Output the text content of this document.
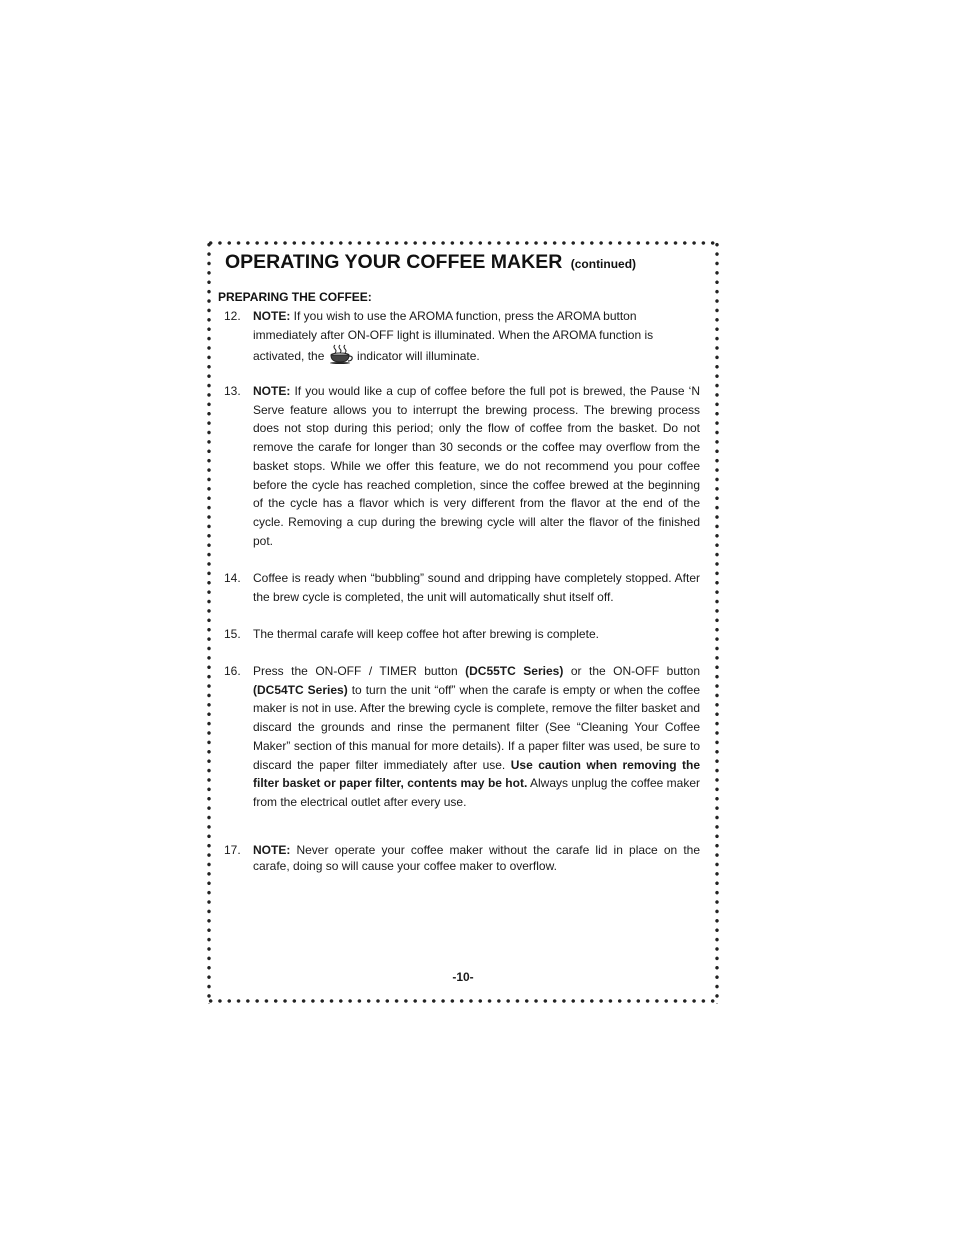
OPERATING YOUR COFFEE MAKER (continued)
PREPARING THE COFFEE:
12. NOTE: If you wish to use the AROMA function, press the AROMA button immediately after ON-OFF light is illuminated. When the AROMA function is activated, the  indicator will illuminate.
13. NOTE: If you would like a cup of coffee before the full pot is brewed, the Pause ‘N Serve feature allows you to interrupt the brewing process. The brewing process does not stop during this period; only the flow of coffee from the basket. Do not remove the carafe for longer than 30 seconds or the coffee may overflow from the basket stops. While we offer this feature, we do not recommend you pour coffee before the cycle has reached completion, since the coffee brewed at the beginning of the cycle has a flavor which is very different from the flavor at the end of the cycle. Removing a cup during the brewing cycle will alter the flavor of the finished pot.
14. Coffee is ready when “bubbling” sound and dripping have completely stopped. After the brew cycle is completed, the unit will automatically shut itself off.
15. The thermal carafe will keep coffee hot after brewing is complete.
16. Press the ON-OFF / TIMER button (DC55TC Series) or the ON-OFF button (DC54TC Series) to turn the unit “off” when the carafe is empty or when the coffee maker is not in use. After the brewing cycle is complete, remove the filter basket and discard the grounds and rinse the permanent filter (See “Cleaning Your Coffee Maker” section of this manual for more details). If a paper filter was used, be sure to discard the paper filter immediately after use. Use caution when removing the filter basket or paper filter, contents may be hot. Always unplug the coffee maker from the electrical outlet after every use.
17. NOTE: Never operate your coffee maker without the carafe lid in place on the carafe, doing so will cause your coffee maker to overflow.
-10-
